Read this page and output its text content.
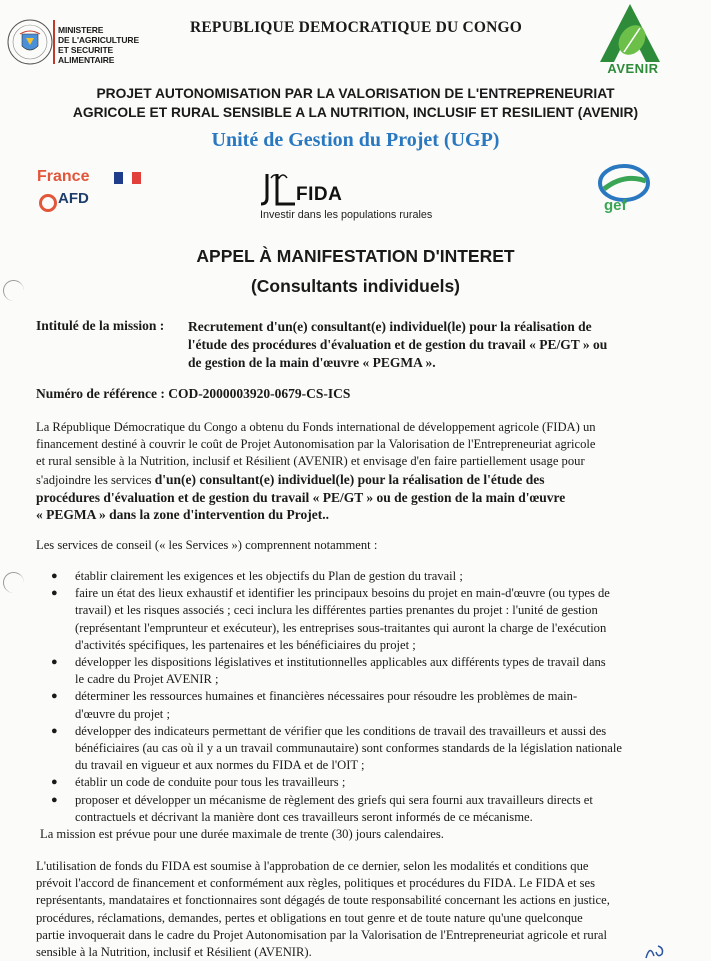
MINISTERE
DE L'AGRICULTURE
ET SECURITE ALIMENTAIRE
REPUBLIQUE DEMOCRATIQUE DU CONGO
AVENIR
PROJET AUTONOMISATION PAR LA VALORISATION DE L'ENTREPRENEURIAT
AGRICOLE ET RURAL SENSIBLE A LA NUTRITION, INCLUSIF ET RESILIENT (AVENIR)
Unité de Gestion du Projet (UGP)
France
AFD	FIDA
Investir dans les populations rurales
gef
APPEL À MANIFESTATION D'INTERET
(Consultants individuels)
Intitulé de la mission : Recrutement d'un(e) consultant(e) individuel(le) pour la réalisation de
l'étude des procédures d'évaluation et de gestion du travail « PE/GT » ou
de gestion de la main d'œuvre « PEGMA ».
Numéro de référence : COD-2000003920-0679-CS-ICS
La République Démocratique du Congo a obtenu du Fonds international de développement agricole (FIDA) un
financement destiné à couvrir le coût de Projet Autonomisation par la Valorisation de l'Entrepreneuriat agricole
et rural sensible à la Nutrition, inclusif et Résilient (AVENIR) et envisage d'en faire partiellement usage pour
s'adjoindre les services d'un(e) consultant(e) individuel(le) pour la réalisation de l'étude des
procédures d'évaluation et de gestion du travail « PE/GT » ou de gestion de la main d'œuvre
« PEGMA » dans la zone d'intervention du Projet..
Les services de conseil (« les Services ») comprennent notamment :
● établir clairement les exigences et les objectifs du Plan de gestion du travail ;
● faire un état des lieux exhaustif et identifier les principaux besoins du projet en main-d'œuvre (ou types de
travail) et les risques associés ; ceci inclura les différentes parties prenantes du projet : l'unité de gestion
(représentant l'emprunteur et exécuteur), les entreprises sous-traitantes qui auront la charge de l'exécution
d'activités spécifiques, les partenaires et les bénéficiaires du projet ;
● développer les dispositions législatives et institutionnelles applicables aux différents types de travail dans
le cadre du Projet AVENIR ;
● déterminer les ressources humaines et financières nécessaires pour résoudre les problèmes de main-
d'œuvre du projet ;
● développer des indicateurs permettant de vérifier que les conditions de travail des travailleurs et aussi des
bénéficiaires (au cas où il y a un travail communautaire) sont conformes standards de la législation nationale
du travail en vigueur et aux normes du FIDA et de l'OIT ;
● établir un code de conduite pour tous les travailleurs ;
● proposer et développer un mécanisme de règlement des griefs qui sera fourni aux travailleurs directs et
contractuels et décrivant la manière dont ces travailleurs seront informés de ce mécanisme.
La mission est prévue pour une durée maximale de trente (30) jours calendaires.
L'utilisation de fonds du FIDA est soumise à l'approbation de ce dernier, selon les modalités et conditions que
prévoit l'accord de financement et conformément aux règles, politiques et procédures du FIDA. Le FIDA et ses
représentants, mandataires et fonctionnaires sont dégagés de toute responsabilité concernant les actions en justice,
procédures, réclamations, demandes, pertes et obligations en tout genre et de toute nature qu'une quelconque
partie invoquerait dans le cadre du Projet Autonomisation par la Valorisation de l'Entrepreneuriat agricole et rural
sensible à la Nutrition, inclusif et Résilient (AVENIR).
